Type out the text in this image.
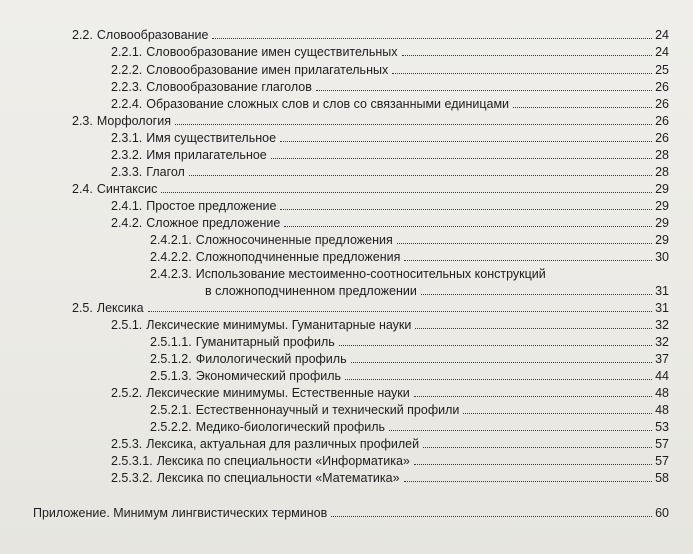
2.2. Словообразование	24
2.2.1. Словообразование имен существительных	24
2.2.2. Словообразование имен прилагательных	25
2.2.3. Словообразование глаголов	26
2.2.4. Образование сложных слов и слов со связанными единицами	26
2.3. Морфология	26
2.3.1. Имя существительное	26
2.3.2. Имя прилагательное	28
2.3.3. Глагол	28
2.4. Синтаксис	29
2.4.1. Простое предложение	29
2.4.2. Сложное предложение	29
2.4.2.1. Сложносочиненные предложения	29
2.4.2.2. Сложноподчиненные предложения	30
2.4.2.3. Использование местоименно-соотносительных конструкций
в сложноподчиненном предложении	31
2.5. Лексика	31
2.5.1. Лексические минимумы. Гуманитарные науки	32
2.5.1.1. Гуманитарный профиль	32
2.5.1.2. Филологический профиль	37
2.5.1.3. Экономический профиль	44
2.5.2. Лексические минимумы. Естественные науки	48
2.5.2.1. Естественнонаучный и технический профили	48
2.5.2.2. Медико-биологический профиль	53
2.5.3. Лексика, актуальная для различных профилей	57
2.5.3.1. Лексика по специальности «Информатика»	57
2.5.3.2. Лексика по специальности «Математика»	58
Приложение. Минимум лингвистических терминов	60
